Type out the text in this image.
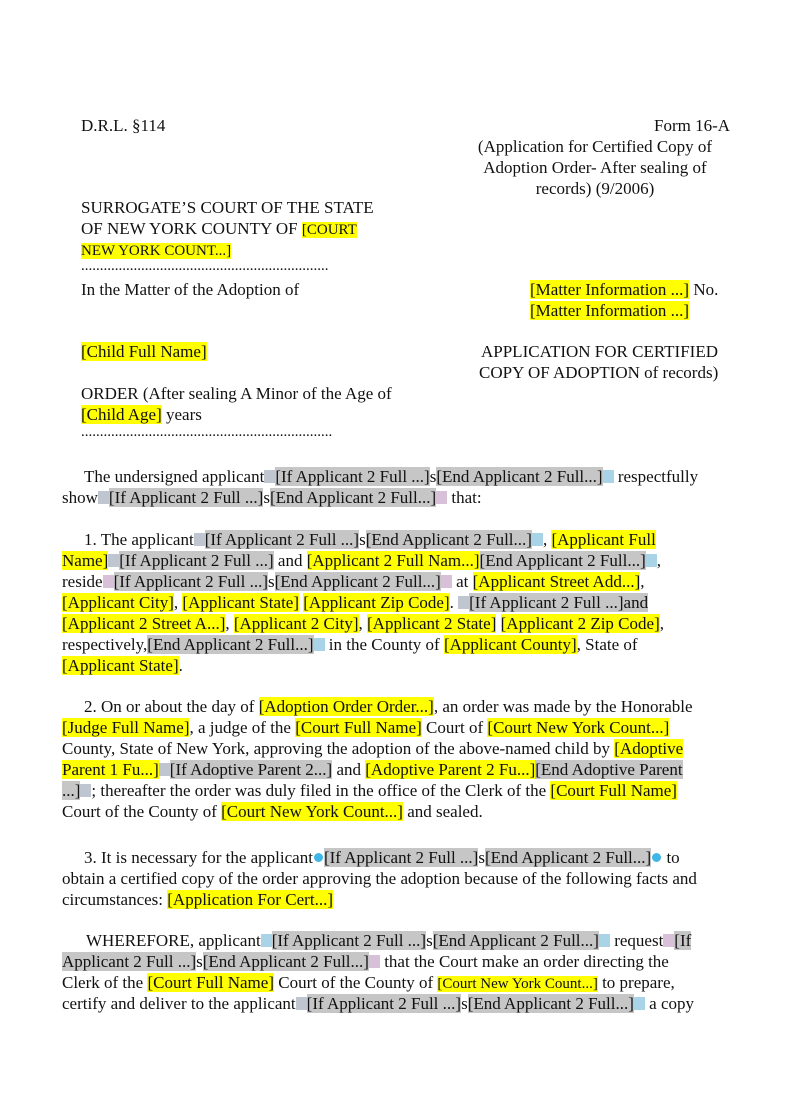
D.R.L. §114	Form 16-A
(Application for Certified Copy of
Adoption Order- After sealing of
records) (9/2006)
SURROGATE’S COURT OF THE STATE
OF NEW YORK COUNTY OF [COURT
NEW YORK COUNT...]
..................................................................
In the Matter of the Adoption of	[Matter Information ...] No.
[Matter Information ...]
[Child Full Name]	APPLICATION FOR CERTIFIED
COPY OF ADOPTION of records)
ORDER (After sealing A Minor of the Age of
[Child Age] years
...................................................................
The undersigned applicant [If Applicant 2 Full ...]s[End Applicant 2 Full...] respectfully
show [If Applicant 2 Full ...]s[End Applicant 2 Full...] that:
1. The applicant [If Applicant 2 Full ...]s[End Applicant 2 Full...] , [Applicant Full
Name] [If Applicant 2 Full ...] and [Applicant 2 Full Nam...][End Applicant 2 Full...] ,
reside [If Applicant 2 Full ...]s[End Applicant 2 Full...] at [Applicant Street Add...],
[Applicant City], [Applicant State] [Applicant Zip Code]. [If Applicant 2 Full ...]and
[Applicant 2 Street A...], [Applicant 2 City], [Applicant 2 State] [Applicant 2 Zip Code],
respectively,[End Applicant 2 Full...] in the County of [Applicant County], State of
[Applicant State].
2. On or about the day of [Adoption Order Order...], an order was made by the Honorable
[Judge Full Name], a judge of the [Court Full Name] Court of [Court New York Count...]
County, State of New York, approving the adoption of the above-named child by [Adoptive
Parent 1 Fu...] [If Adoptive Parent 2...] and [Adoptive Parent 2 Fu...][End Adoptive Parent
...] ; thereafter the order was duly filed in the office of the Clerk of the [Court Full Name]
Court of the County of [Court New York Count...] and sealed.
3. It is necessary for the applicant [If Applicant 2 Full ...]s[End Applicant 2 Full...] to
obtain a certified copy of the order approving the adoption because of the following facts and
circumstances: [Application For Cert...]
WHEREFORE, applicant [If Applicant 2 Full ...]s[End Applicant 2 Full...] request [If
Applicant 2 Full ...]s[End Applicant 2 Full...] that the Court make an order directing the
Clerk of the [Court Full Name] Court of the County of [Court New York Count...] to prepare,
certify and deliver to the applicant [If Applicant 2 Full ...]s[End Applicant 2 Full...] a copy
